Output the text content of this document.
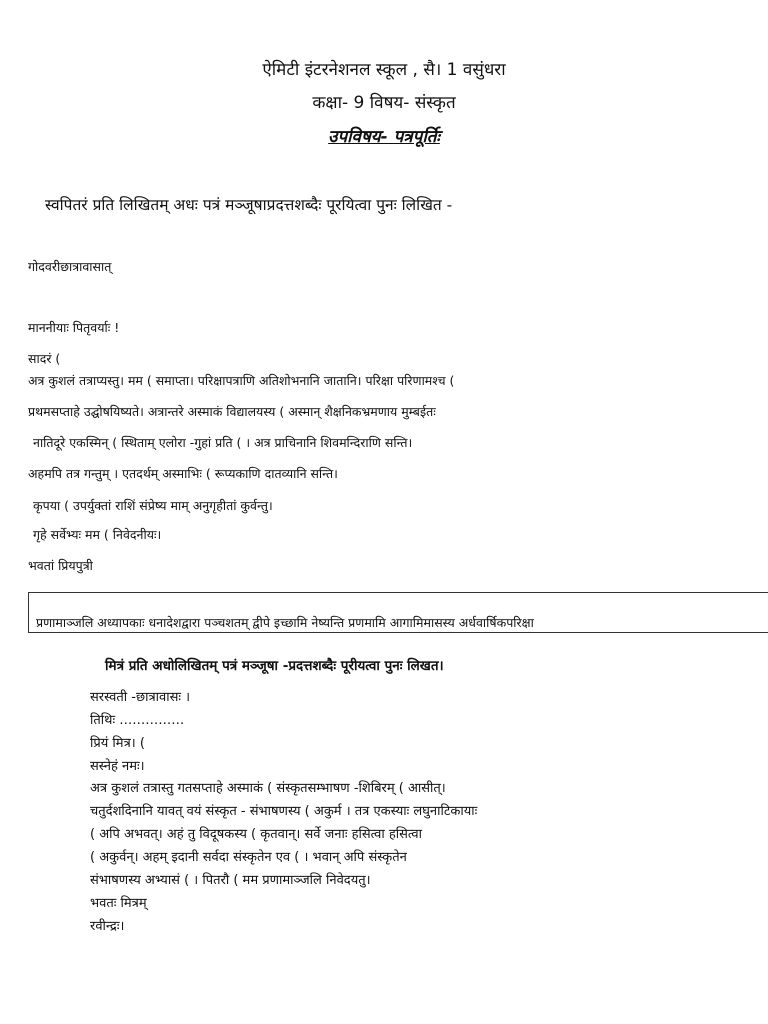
ऐमिटी इंटरनेशनल स्कूल , सै। 1 वसुंधरा
कक्षा- 9 विषय- संस्कृत
उपविषय- पत्रपूर्तिः
स्वपितरं प्रति लिखितम् अधः पत्रं मञ्जूषाप्रदत्तशब्दैः पूरयित्वा पुनः लिखित -
गोदवरीछात्रावासात्
माननीयाः पितृवर्याः !
सादरं (
अत्र कुशलं तत्राप्यस्तु। मम ( समाप्ता। परिक्षापत्राणि अतिशोभनानि जातानि। परिक्षा परिणामश्च (
प्रथमसप्ताहे उद्घोषयिष्यते। अत्रान्तरे अस्माकं विद्यालयस्य ( अस्मान् शैक्षनिकभ्रमणाय मुम्बईतः
नातिदूरे एकस्मिन् ( स्थिताम् एलोरा -गुहां प्रति ( । अत्र प्राचिनानि शिवमन्दिराणि सन्ति।
अहमपि तत्र गन्तुम् । एतदर्थम् अस्माभिः ( रूप्यकाणि दातव्यानि सन्ति।
कृपया ( उपर्युक्तां राशिं संप्रेष्य माम् अनुगृहीतां कुर्वन्तु।
गृहे सर्वेभ्यः मम ( निवेदनीयः।
भवतां प्रियपुत्री
प्रणामाञ्जलि अध्यापकाः धनादेशद्वारा पञ्चशतम् द्वीपे इच्छामि नेष्यन्ति प्रणमामि आगामिमासस्य अर्धवार्षिकपरिक्षा
मित्रं प्रति अधोलिखितम् पत्रं मञ्जूषा -प्रदत्तशब्दैः पूरीयत्वा पुनः लिखत।
सरस्वती -छात्रावासः ।
तिथिः ……………
प्रियं मित्र। (
सस्नेहं नमः।
अत्र कुशलं तत्रास्तु गतसप्ताहे अस्माकं ( संस्कृतसम्भाषण -शिबिरम् ( आसीत्।
चतुर्दशदिनानि यावत् वयं संस्कृत - संभाषणस्य ( अकुर्म । तत्र एकस्याः लघुनाटिकायाः
( अपि अभवत्। अहं तु विदूषकस्य ( कृतवान्। सर्वे जनाः हसित्वा हसित्वा
( अकुर्वन्। अहम् इदानी सर्वदा संस्कृतेन एव ( । भवान् अपि संस्कृतेन
संभाषणस्य अभ्यासं ( । पितरौ ( मम प्रणामाञ्जलि निवेदयतु।
भवतः मित्रम्
रवीन्द्रः।
